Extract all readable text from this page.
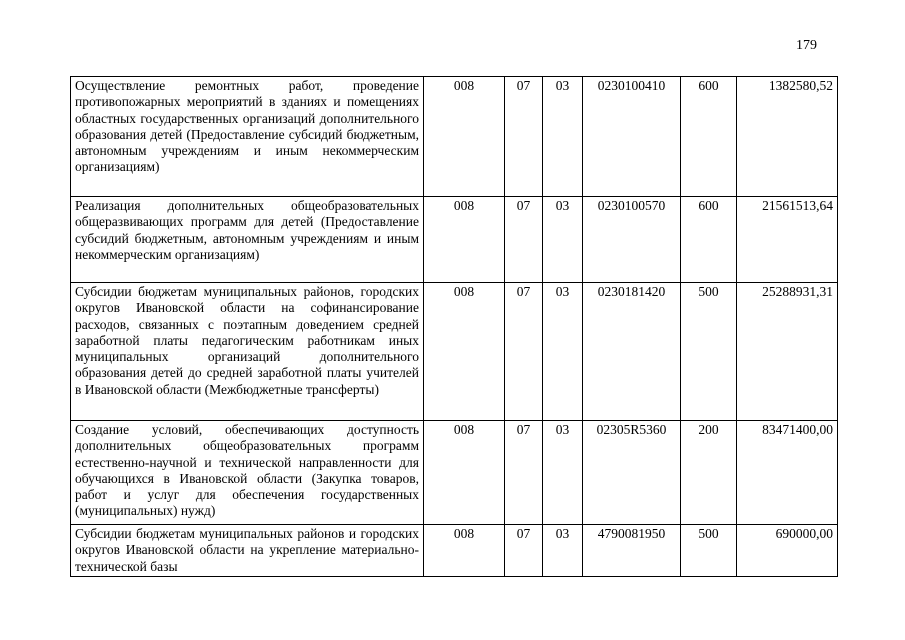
179
Осуществление ремонтных работ, проведение противопожарных мероприятий в зданиях и помещениях областных государственных организаций дополнительного образования детей (Предоставление субсидий бюджетным, автономным учреждениям и иным некоммерческим организациям)	008	07	03	0230100410	600	1382580,52
Реализация дополнительных общеобразовательных общеразвивающих программ для детей (Предоставление субсидий бюджетным, автономным учреждениям и иным некоммерческим организациям)	008	07	03	0230100570	600	21561513,64
Субсидии бюджетам муниципальных районов, городских округов Ивановской области на софинансирование расходов, связанных с поэтапным доведением средней заработной платы педагогическим работникам иных муниципальных организаций дополнительного образования детей до средней заработной платы учителей в Ивановской области (Межбюджетные трансферты)	008	07	03	0230181420	500	25288931,31
Создание условий, обеспечивающих доступность дополнительных общеобразовательных программ естественно-научной и технической направленности для обучающихся в Ивановской области (Закупка товаров, работ и услуг для обеспечения государственных (муниципальных) нужд)	008	07	03	02305R5360	200	83471400,00
Субсидии бюджетам муниципальных районов и городских округов Ивановской области на укрепление материально-технической базы	008	07	03	4790081950	500	690000,00
